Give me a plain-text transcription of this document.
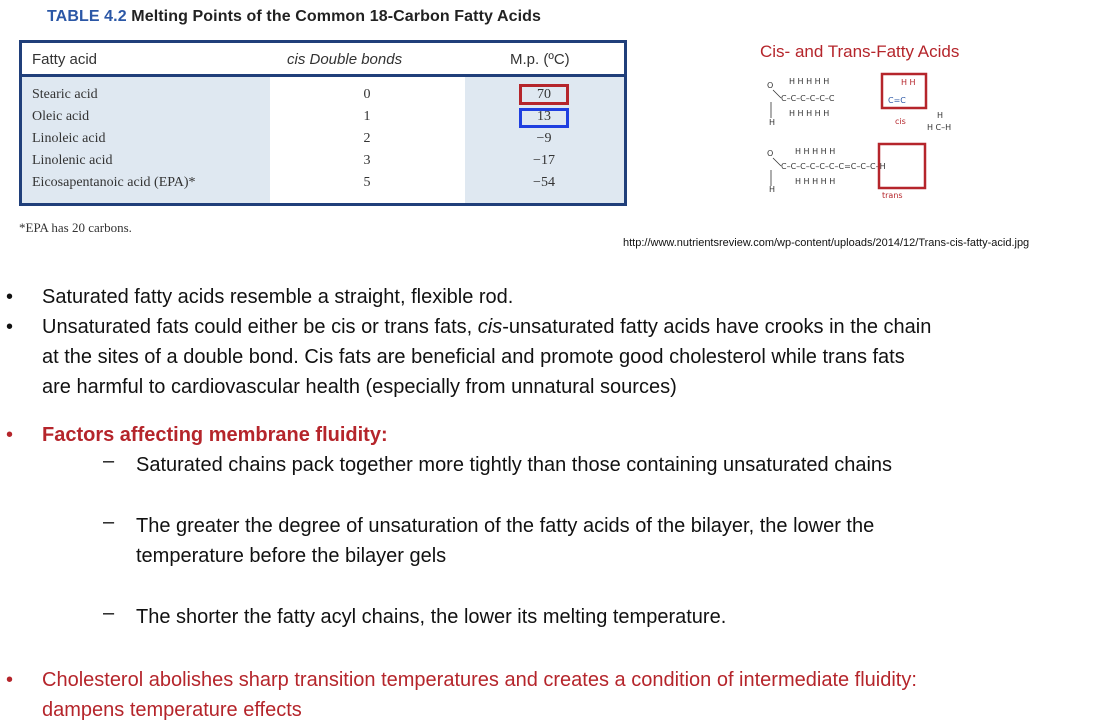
TABLE 4.2 Melting Points of the Common 18-Carbon Fatty Acids
Fatty acid	cis Double bonds	M.p. (ºC)
Stearic acid	0	70
Oleic acid	1	13
Linoleic acid	2	−9
Linolenic acid	3	−17
Eicosapentanoic acid (EPA)*	5	−54
*EPA has 20 carbons.
Cis- and Trans-Fatty Acids
O
H
C–C–C–C–C–C
H H H H H
H H H H H
C=C
H H
cis
H C–H
H
O
H
C–C–C–C–C–C–C=C–C–C–H
H H H H H
H H H H H
trans
http://www.nutrientsreview.com/wp-content/uploads/2014/12/Trans-cis-fatty-acid.jpg
• Saturated fatty acids resemble a straight, flexible rod.
• Unsaturated fats could either be cis or trans fats, cis-unsaturated fatty acids have crooks in the chain
at the sites of a double bond. Cis fats are beneficial and promote good cholesterol while trans fats
are harmful to cardiovascular health (especially from unnatural sources)
• Factors affecting membrane fluidity:
– Saturated chains pack together more tightly than those containing unsaturated chains
– The greater the degree of unsaturation of the fatty acids of the bilayer, the lower the
temperature before the bilayer gels
– The shorter the fatty acyl chains, the lower its melting temperature.
• Cholesterol abolishes sharp transition temperatures and creates a condition of intermediate fluidity:
dampens temperature effects
